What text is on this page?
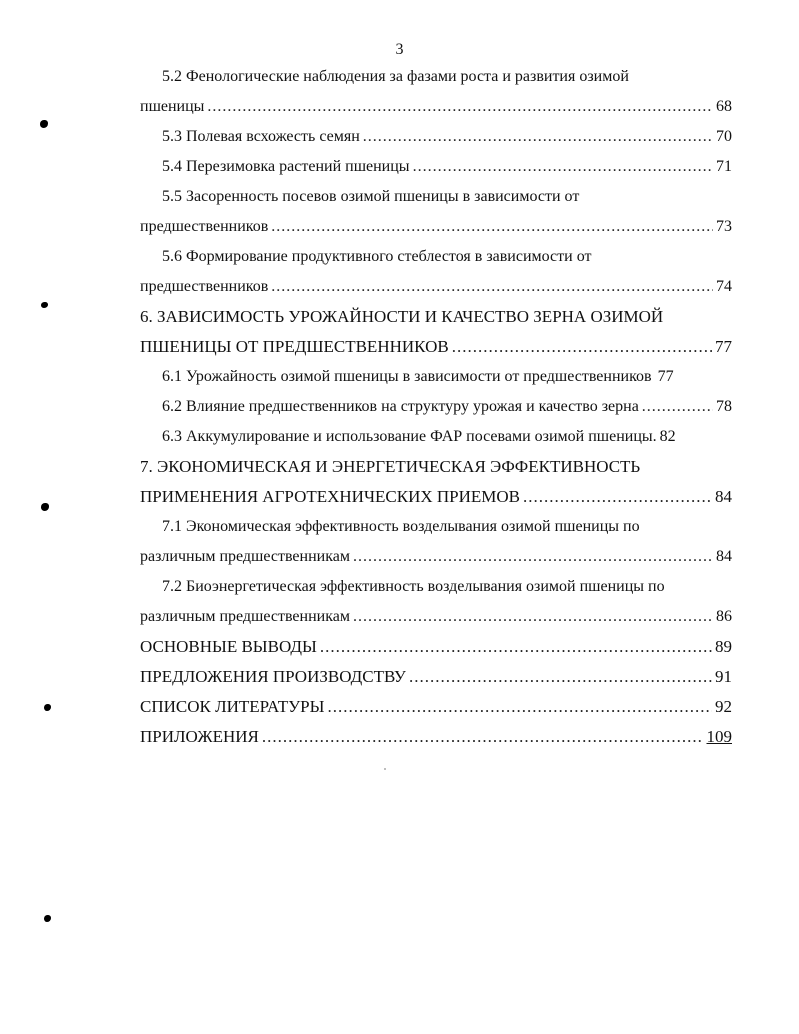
3
5.2 Фенологические наблюдения за фазами роста и развития озимой
пшеницы .....	68
5.3 Полевая всхожесть семян .....	70
5.4 Перезимовка растений пшеницы .....	71
5.5 Засоренность посевов озимой пшеницы в зависимости от
предшественников .....	73
5.6 Формирование продуктивного стеблестоя в зависимости от
предшественников .....	74
6. ЗАВИСИМОСТЬ УРОЖАЙНОСТИ И КАЧЕСТВО ЗЕРНА ОЗИМОЙ
ПШЕНИЦЫ ОТ ПРЕДШЕСТВЕННИКОВ .....	77
6.1 Урожайность озимой пшеницы в зависимости от предшественников 77
6.2 Влияние предшественников на структуру урожая и качество зерна .....	78
6.3 Аккумулирование и использование ФАР посевами озимой пшеницы. 82
7. ЭКОНОМИЧЕСКАЯ И ЭНЕРГЕТИЧЕСКАЯ ЭФФЕКТИВНОСТЬ
ПРИМЕНЕНИЯ АГРОТЕХНИЧЕСКИХ ПРИЕМОВ .....	84
7.1 Экономическая эффективность возделывания озимой пшеницы по
различным предшественникам .....	84
7.2 Биоэнергетическая эффективность возделывания озимой пшеницы по
различным предшественникам .....	86
ОСНОВНЫЕ ВЫВОДЫ .....	89
ПРЕДЛОЖЕНИЯ ПРОИЗВОДСТВУ .....	91
СПИСОК ЛИТЕРАТУРЫ .....	92
ПРИЛОЖЕНИЯ .....	109
